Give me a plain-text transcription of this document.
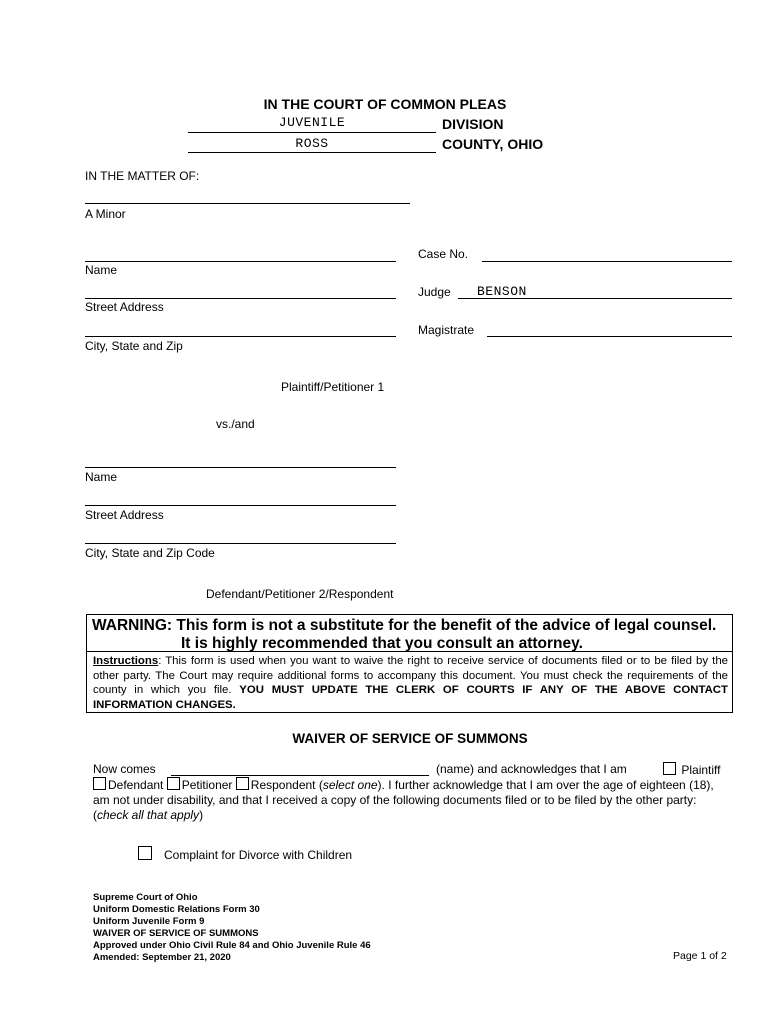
IN THE COURT OF COMMON PLEAS
JUVENILE	DIVISION
ROSS	COUNTY, OHIO
IN THE MATTER OF:
A Minor
Name
Street Address
City, State and Zip
Case No.
Judge BENSON
Magistrate
Plaintiff/Petitioner 1
vs./and
Name
Street Address
City, State and Zip Code
Defendant/Petitioner 2/Respondent
WARNING: This form is not a substitute for the benefit of the advice of legal counsel.
It is highly recommended that you consult an attorney.
Instructions: This form is used when you want to waive the right to receive service of documents filed or to be filed by the other party. The Court may require additional forms to accompany this document. You must check the requirements of the county in which you file. YOU MUST UPDATE THE CLERK OF COURTS IF ANY OF THE ABOVE CONTACT INFORMATION CHANGES.
WAIVER OF SERVICE OF SUMMONS
Now comes	(name) and acknowledges that I am	Plaintiff
Defendant Petitioner Respondent (select one). I further acknowledge that I am over the age of eighteen (18), am not under disability, and that I received a copy of the following documents filed or to be filed by the other party: (check all that apply)
Complaint for Divorce with Children
Supreme Court of Ohio
Uniform Domestic Relations Form 30
Uniform Juvenile Form 9
WAIVER OF SERVICE OF SUMMONS
Approved under Ohio Civil Rule 84 and Ohio Juvenile Rule 46
Amended: September 21, 2020	Page 1 of 2
